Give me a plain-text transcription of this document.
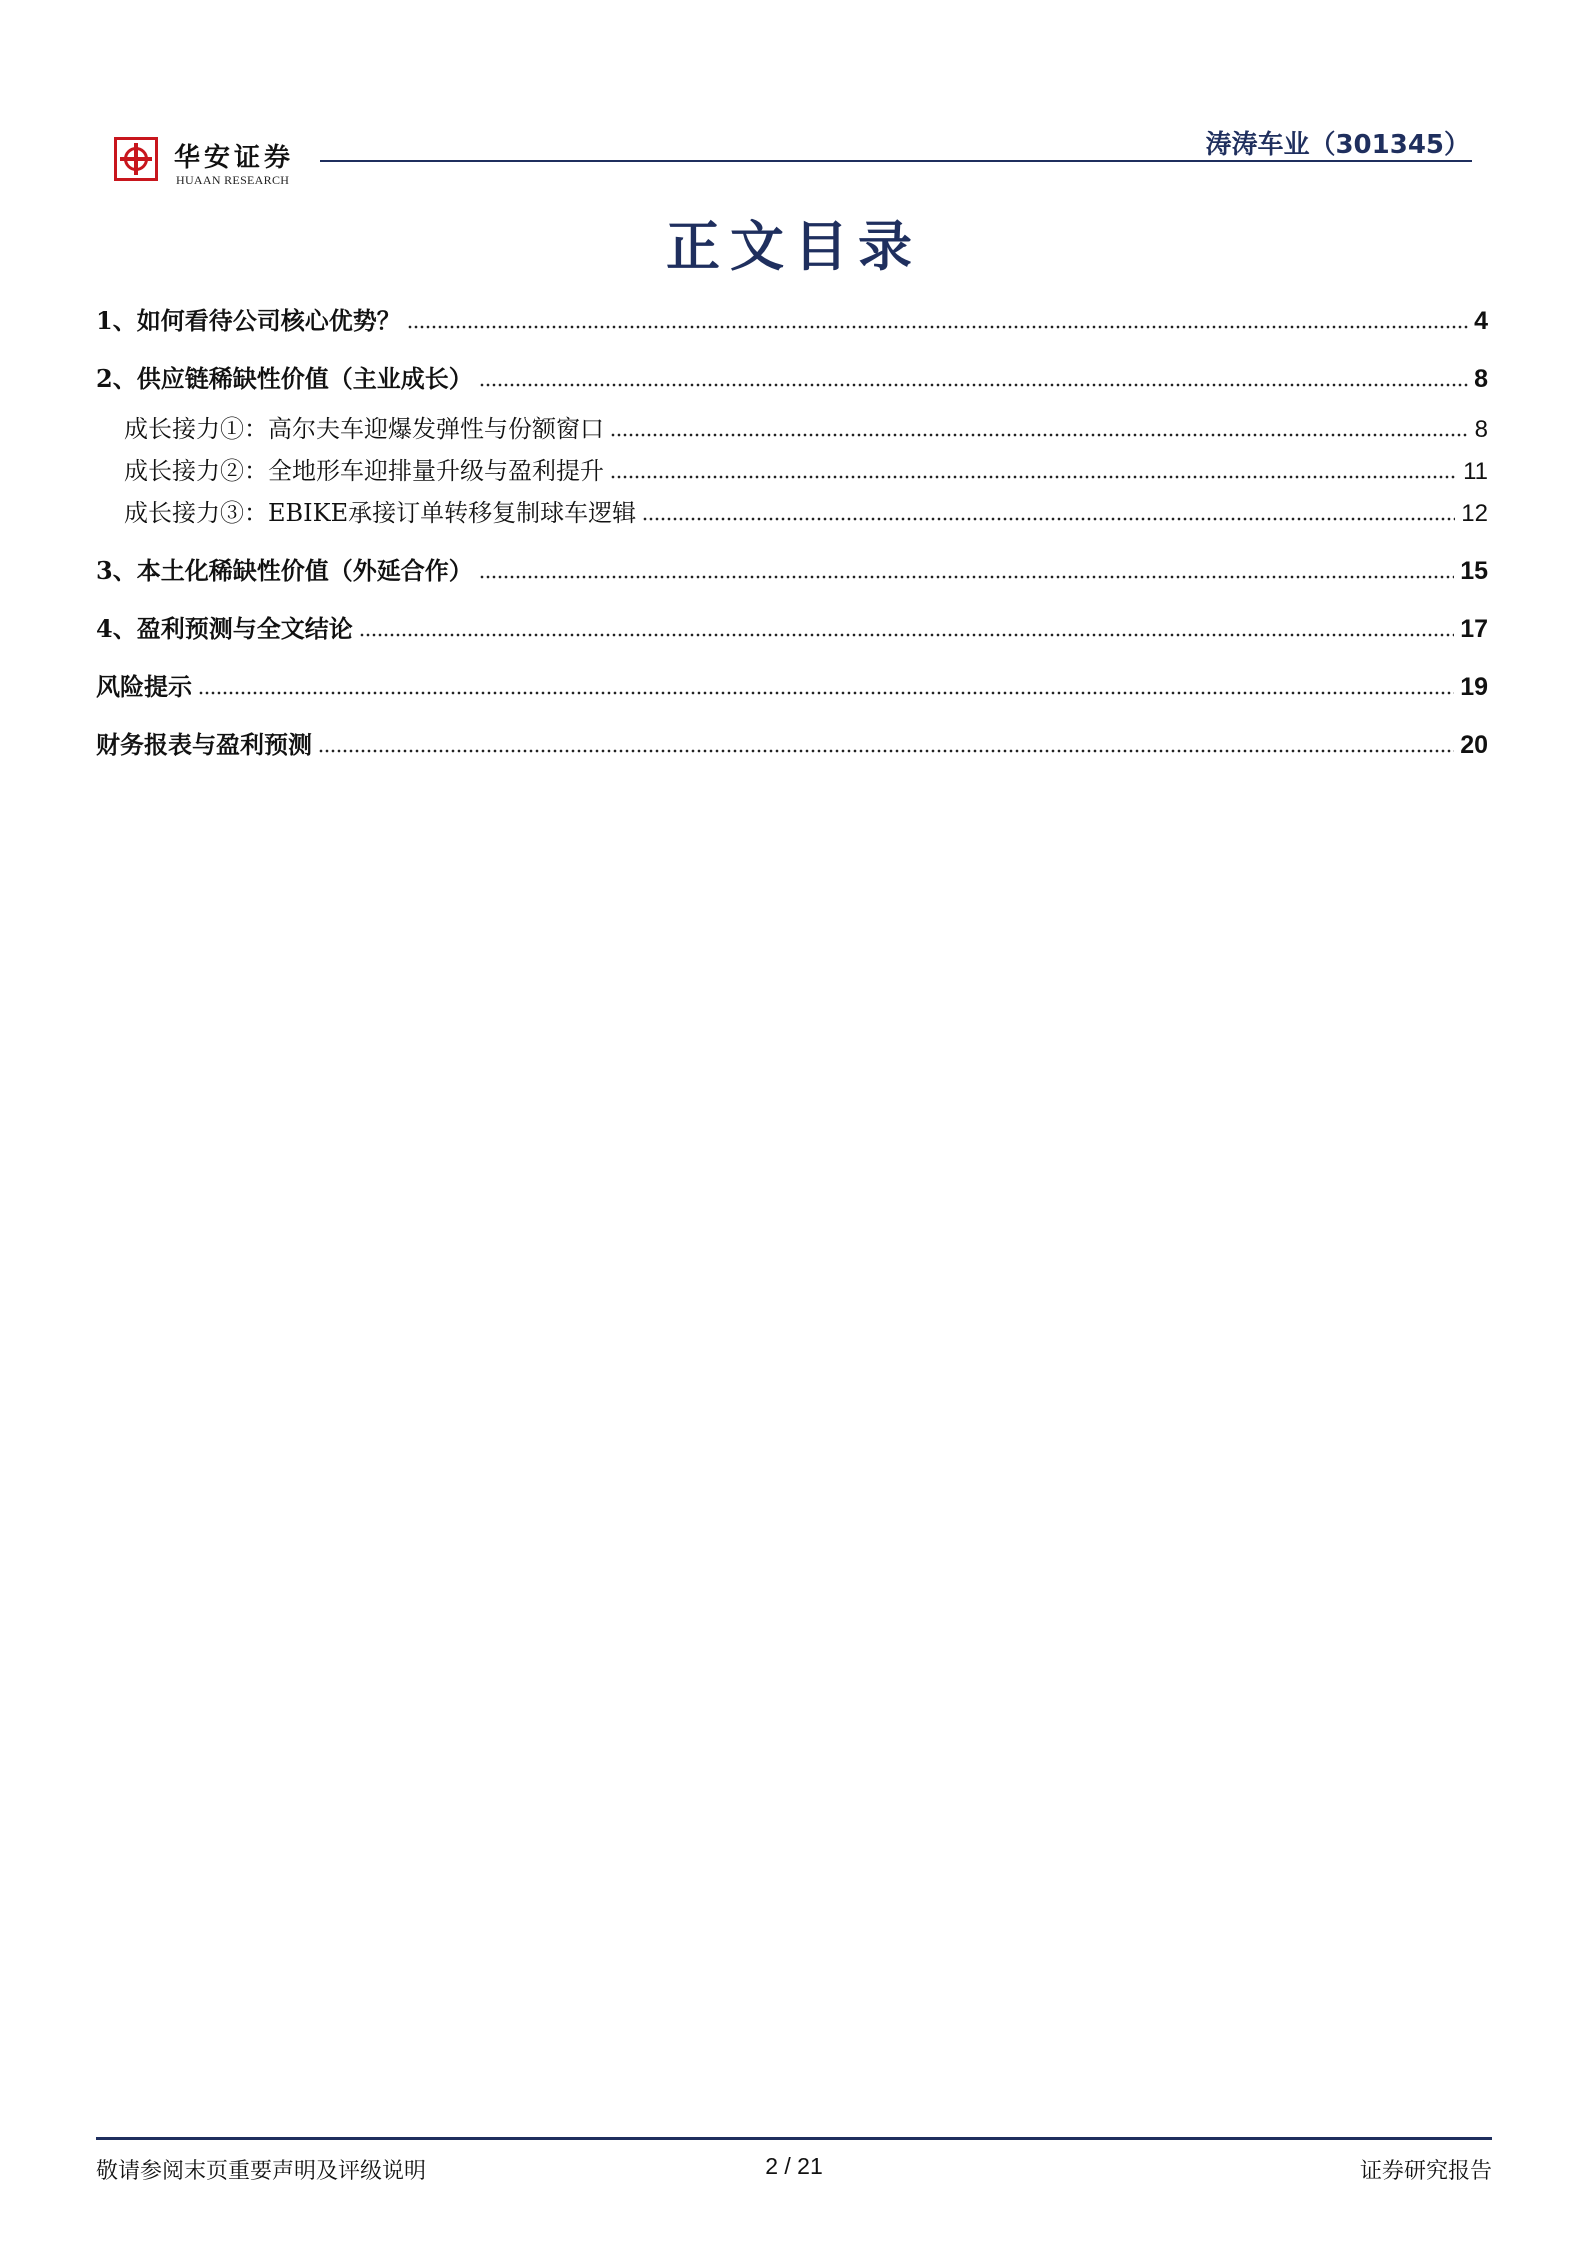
华安证券
HUAAN RESEARCH
涛涛车业（301345）
正文目录
1、如何看待公司核心优势？	4
2、供应链稀缺性价值（主业成长）	8
成长接力①：高尔夫车迎爆发弹性与份额窗口	8
成长接力②：全地形车迎排量升级与盈利提升	11
成长接力③：EBIKE承接订单转移复制球车逻辑	12
3、本土化稀缺性价值（外延合作）	15
4、盈利预测与全文结论	17
风险提示	19
财务报表与盈利预测	20
敬请参阅末页重要声明及评级说明	2 / 21	证券研究报告
